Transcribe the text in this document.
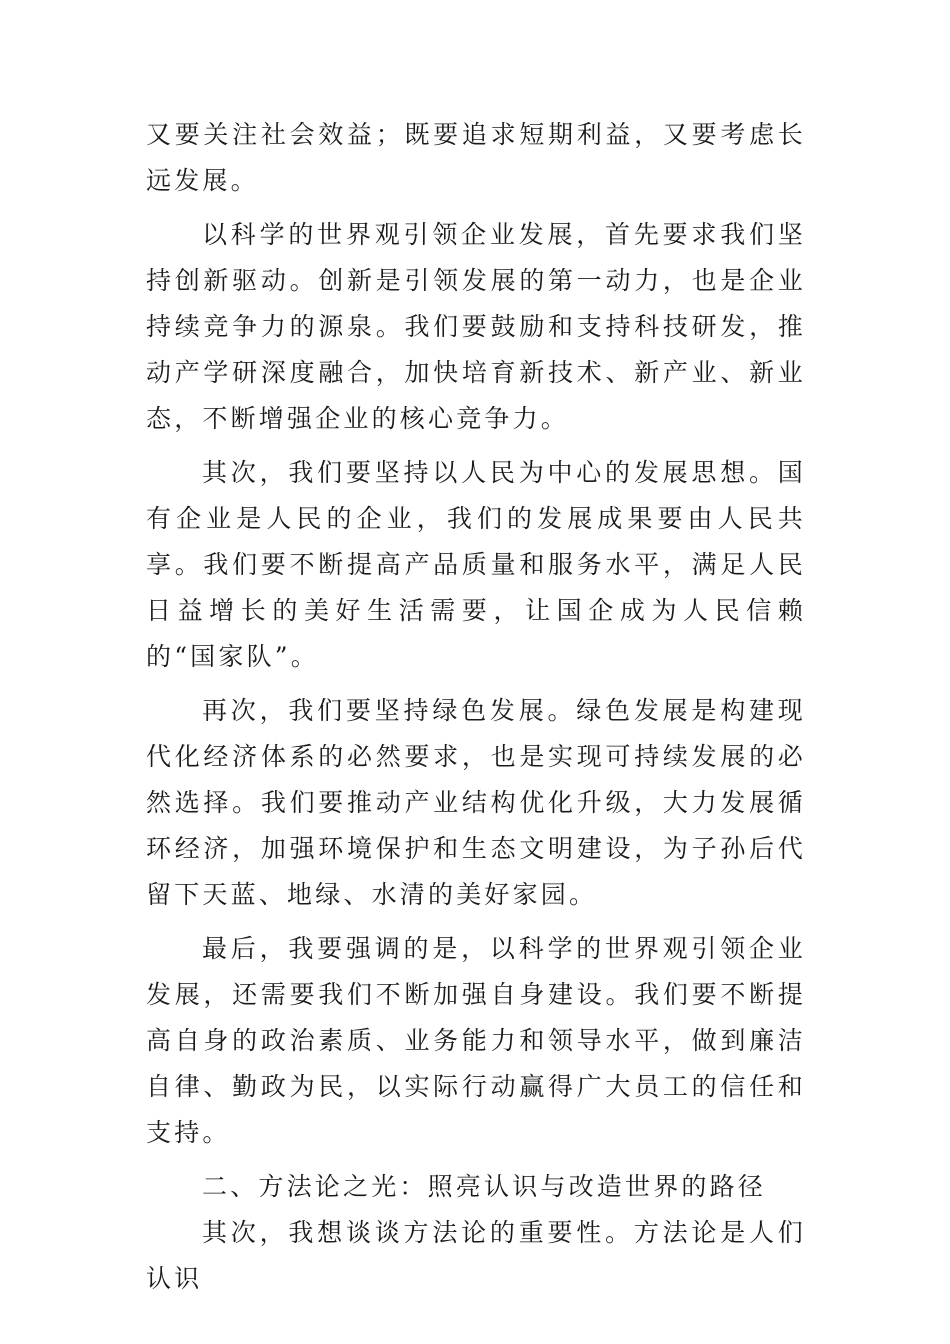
又要关注社会效益；既要追求短期利益，又要考虑长远发展。

以科学的世界观引领企业发展，首先要求我们坚持创新驱动。创新是引领发展的第一动力，也是企业持续竞争力的源泉。我们要鼓励和支持科技研发，推动产学研深度融合，加快培育新技术、新产业、新业态，不断增强企业的核心竞争力。

其次，我们要坚持以人民为中心的发展思想。国有企业是人民的企业，我们的发展成果要由人民共享。我们要不断提高产品质量和服务水平，满足人民日益增长的美好生活需要，让国企成为人民信赖的“国家队”。

再次，我们要坚持绿色发展。绿色发展是构建现代化经济体系的必然要求，也是实现可持续发展的必然选择。我们要推动产业结构优化升级，大力发展循环经济，加强环境保护和生态文明建设，为子孙后代留下天蓝、地绿、水清的美好家园。

最后，我要强调的是，以科学的世界观引领企业发展，还需要我们不断加强自身建设。我们要不断提高自身的政治素质、业务能力和领导水平，做到廉洁自律、勤政为民，以实际行动赢得广大员工的信任和支持。

二、方法论之光：照亮认识与改造世界的路径

其次，我想谈谈方法论的重要性。方法论是人们认识
